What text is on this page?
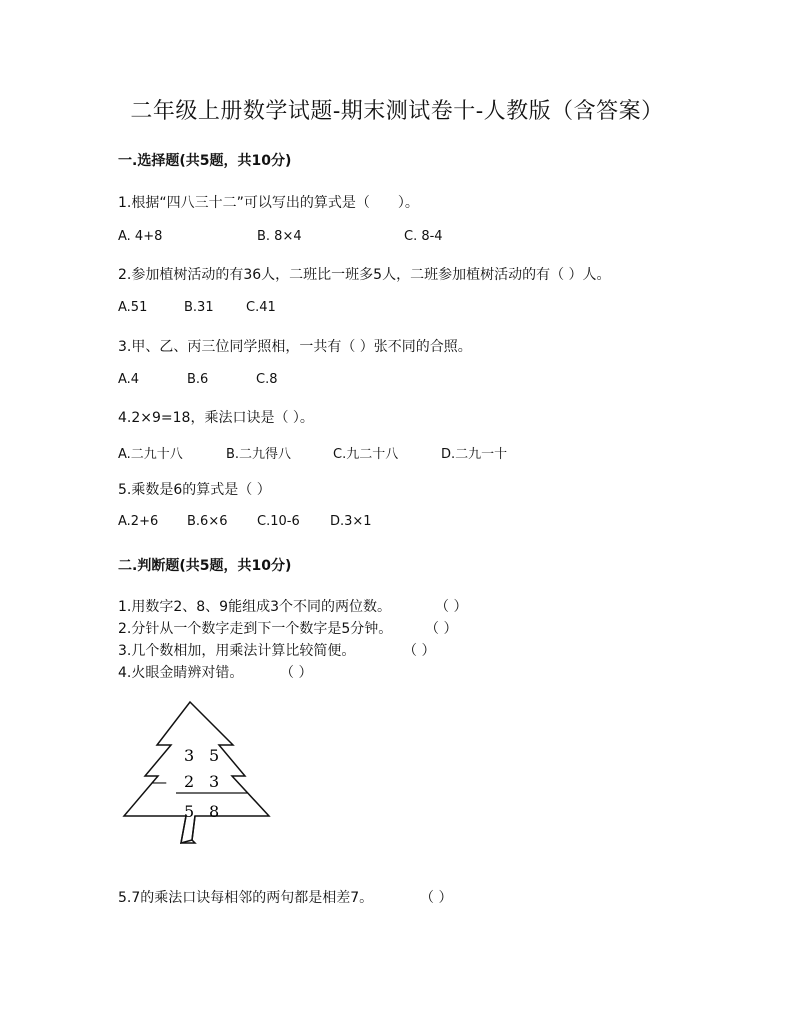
二年级上册数学试题-期末测试卷十-人教版（含答案）
一.选择题(共5题，共10分)
1.根据“四八三十二”可以写出的算式是（　　）。
A. 4+8	B. 8×4	C. 8-4
2.参加植树活动的有36人，二班比一班多5人，二班参加植树活动的有（ ）人。
A.51	B.31 C.41
3.甲、乙、丙三位同学照相，一共有（ ）张不同的合照。
A.4	B.6	C.8
4.2×9=18，乘法口诀是（ ）。
A.二九十八	B.二九得八	C.九二十八	D.二九一十
5.乘数是6的算式是（ ）
A.2+6 B.6×6 C.10-6 D.3×1
二.判断题(共5题，共10分)
1.用数字2、8、9能组成3个不同的两位数。	（ ）
2.分针从一个数字走到下一个数字是5分钟。 （ ）
3.几个数相加，用乘法计算比较简便。	（ ）
4.火眼金睛辨对错。	（ ）
3 5
— 2 3
5 8
5.7的乘法口诀每相邻的两句都是相差7。	（ ）
